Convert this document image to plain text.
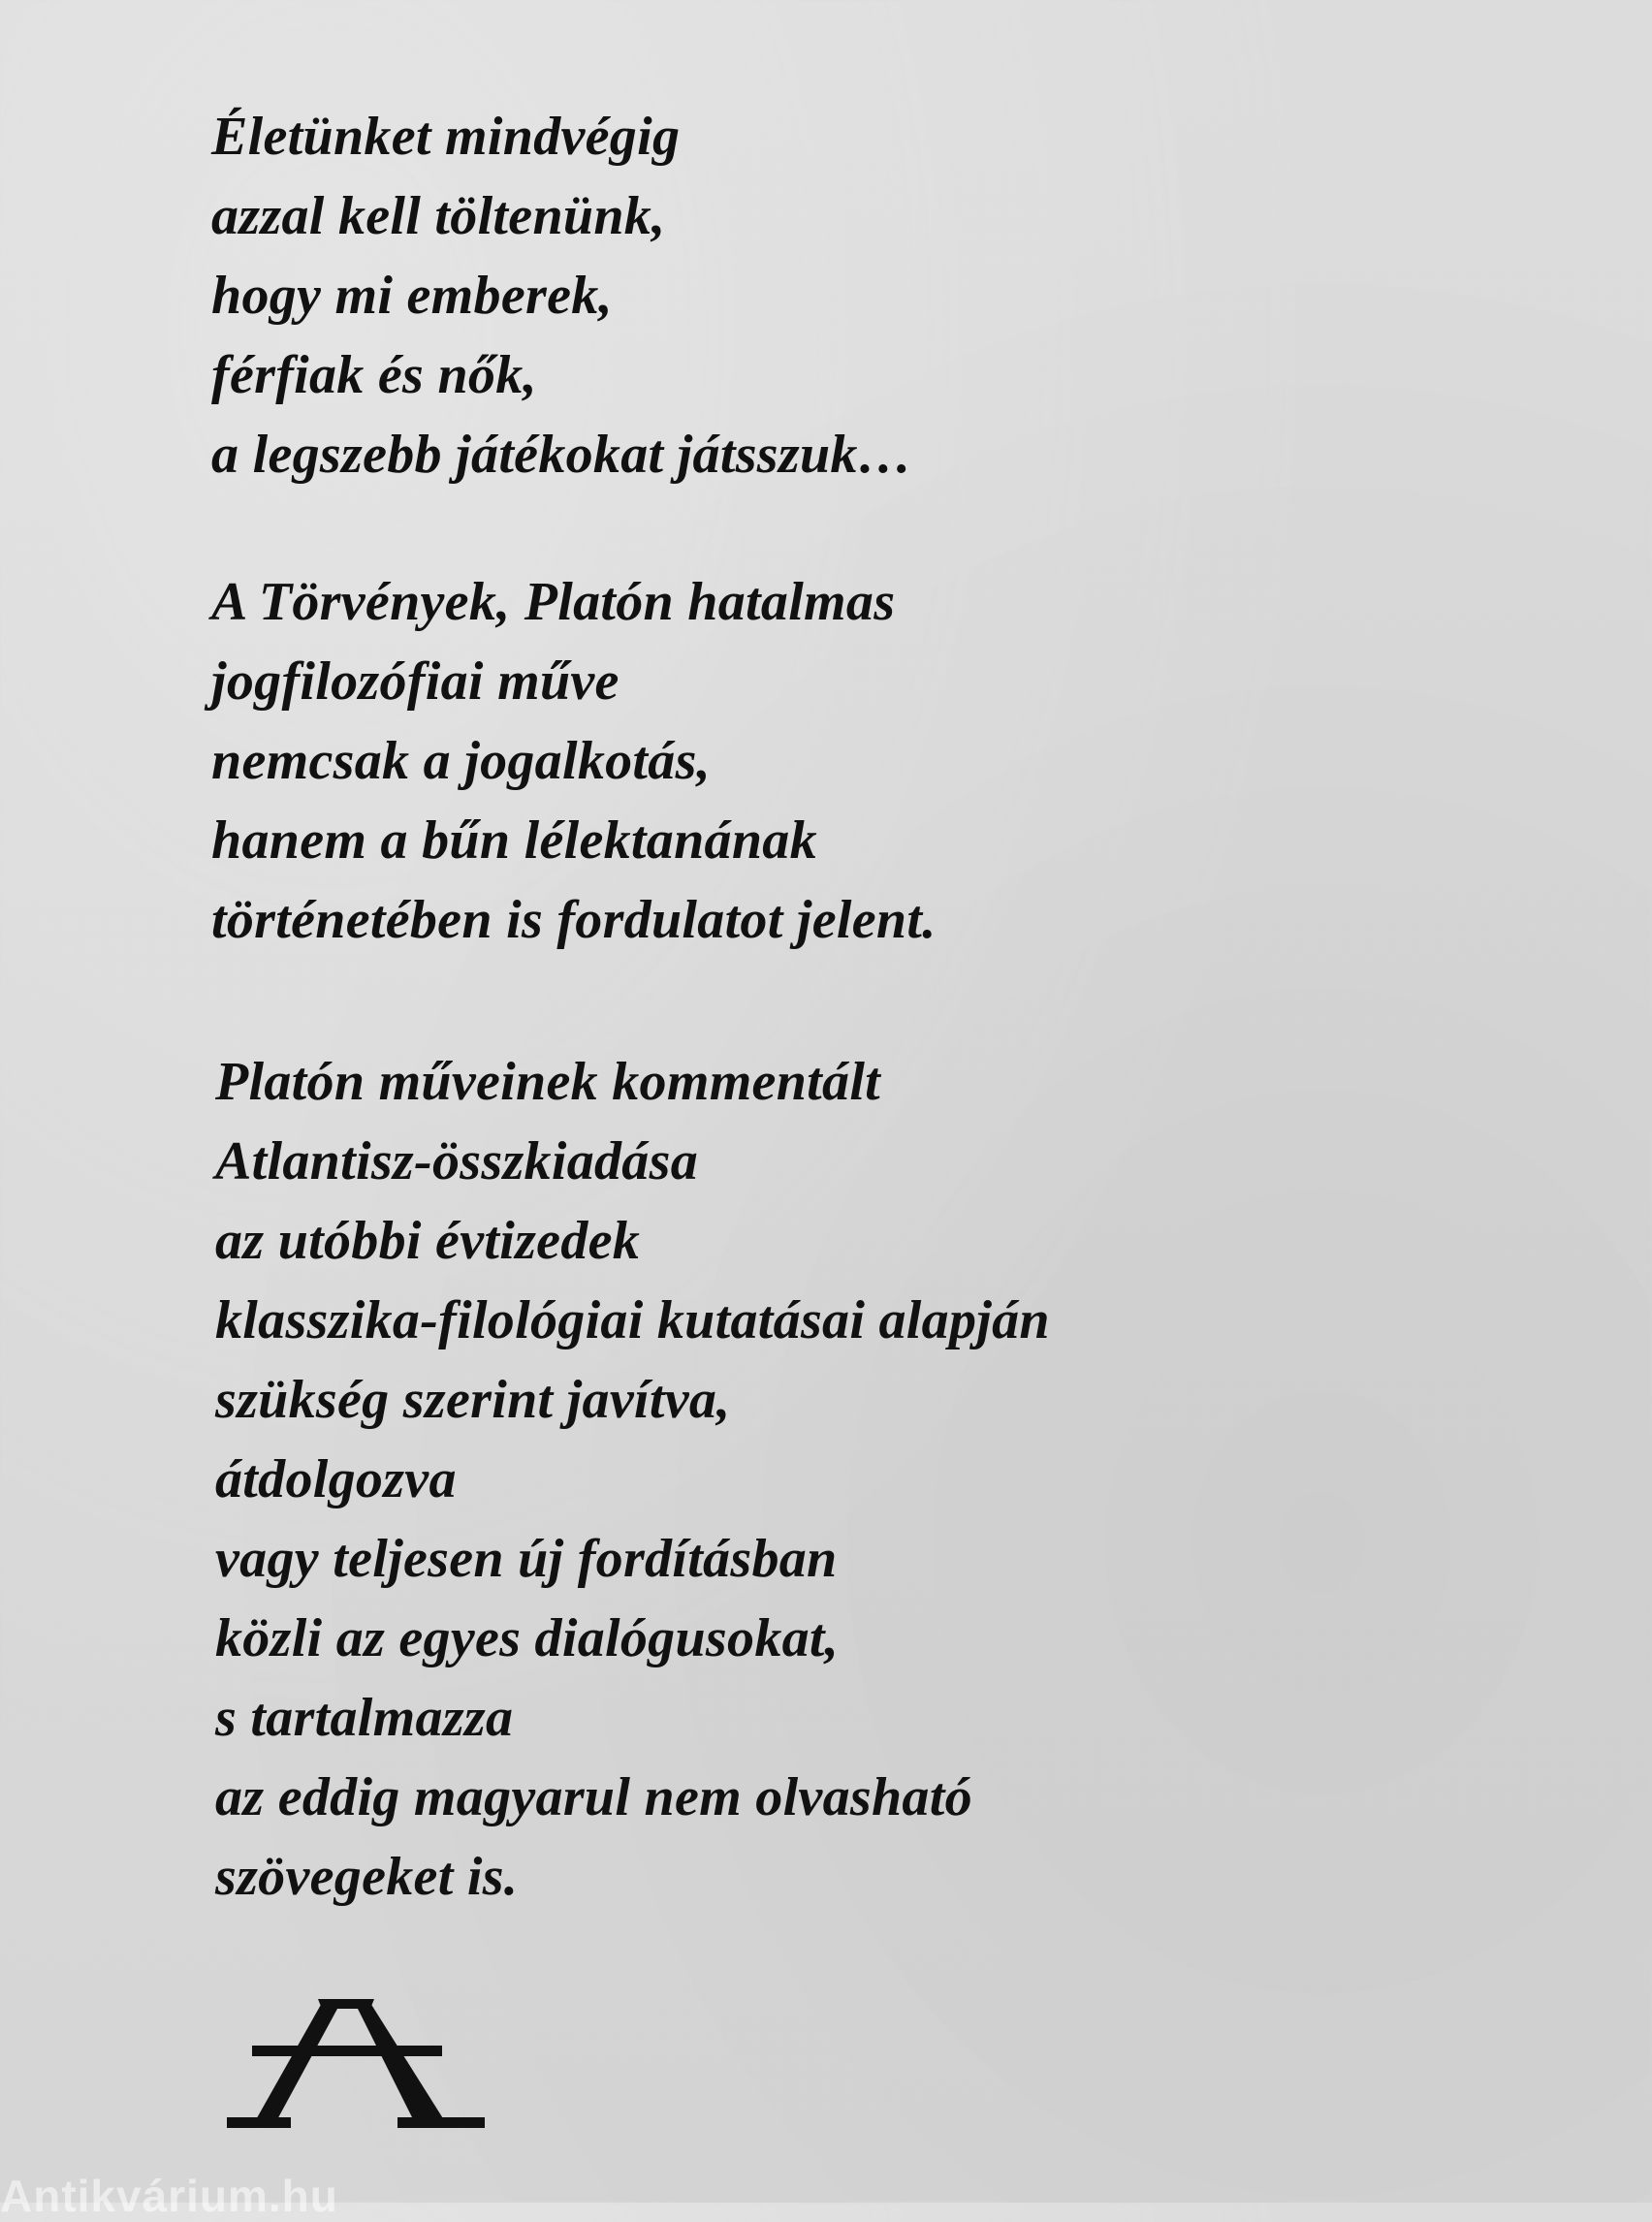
Életünket mindvégig
azzal kell töltenünk,
hogy mi emberek,
férfiak és nők,
a legszebb játékokat játsszuk…
A Törvények, Platón hatalmas
jogfilozófiai műve
nemcsak a jogalkotás,
hanem a bűn lélektanának
történetében is fordulatot jelent.
Platón műveinek kommentált
Atlantisz-összkiadása
az utóbbi évtizedek
klasszika-filológiai kutatásai alapján
szükség szerint javítva,
átdolgozva
vagy teljesen új fordításban
közli az egyes dialógusokat,
s tartalmazza
az eddig magyarul nem olvasható
szövegeket is.
Antikvárium.hu
